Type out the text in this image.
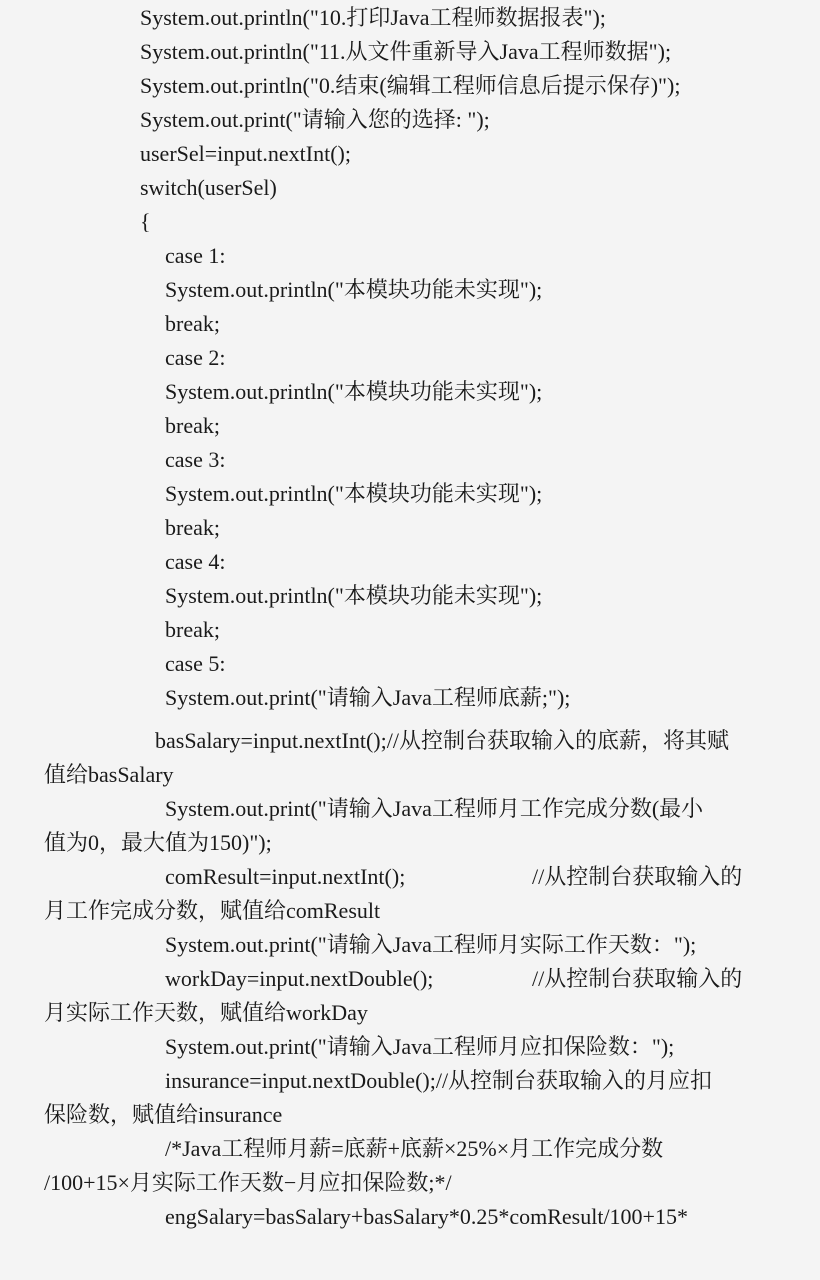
System.out.println("10.打印Java工程师数据报表");
System.out.println("11.从文件重新导入Java工程师数据");
System.out.println("0.结束(编辑工程师信息后提示保存)");
System.out.print("请输入您的选择: ");
userSel=input.nextInt();
switch(userSel)
{
case 1:
System.out.println("本模块功能未实现");
break;
case 2:
System.out.println("本模块功能未实现");
break;
case 3:
System.out.println("本模块功能未实现");
break;
case 4:
System.out.println("本模块功能未实现");
break;
case 5:
System.out.print("请输入Java工程师底薪;");
basSalary=input.nextInt();//从控制台获取输入的底薪，将其赋
值给basSalary
System.out.print("请输入Java工程师月工作完成分数(最小
值为0，最大值为150)");
comResult=input.nextInt();	//从控制台获取输入的
月工作完成分数，赋值给comResult
System.out.print("请输入Java工程师月实际工作天数：");
workDay=input.nextDouble();	//从控制台获取输入的
月实际工作天数，赋值给workDay
System.out.print("请输入Java工程师月应扣保险数：");
insurance=input.nextDouble();//从控制台获取输入的月应扣
保险数，赋值给insurance
/*Java工程师月薪=底薪+底薪×25%×月工作完成分数
/100+15×月实际工作天数−月应扣保险数;*/
engSalary=basSalary+basSalary*0.25*comResult/100+15*
